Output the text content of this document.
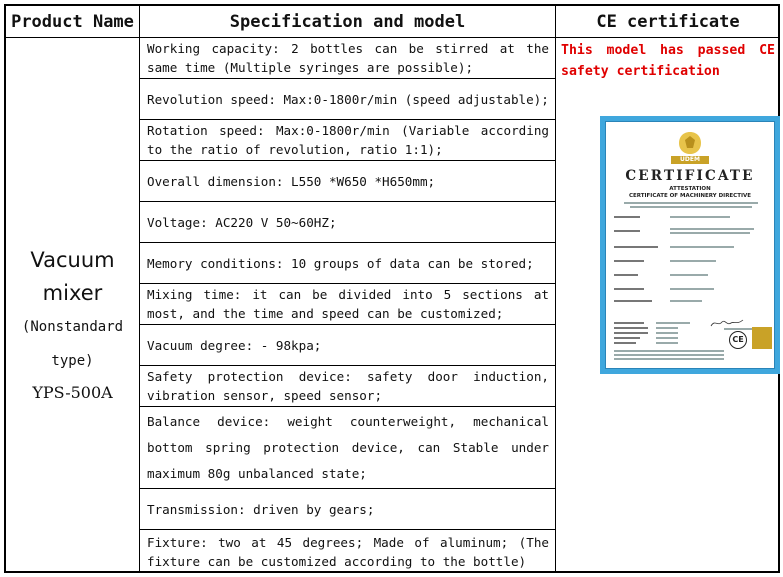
Product Name	Specification and model	CE certificate
Vacuum
mixer
(Nonstandard
type)
YPS-500A
Working capacity: 2 bottles can be stirred at the same time (Multiple syringes are possible);
Revolution speed: Max:0-1800r/min (speed adjustable);
Rotation speed: Max:0-1800r/min (Variable according to the ratio of revolution, ratio 1:1);
Overall dimension: L550 *W650 *H650mm;
Voltage: AC220 V 50~60HZ;
Memory conditions: 10 groups of data can be stored;
Mixing time: it can be divided into 5 sections at most, and the time and speed can be customized;
Vacuum degree: - 98kpa;
Safety protection device: safety door induction, vibration sensor, speed sensor;
Balance device: weight counterweight, mechanical bottom spring protection device, can Stable under maximum 80g unbalanced state;
Transmission: driven by gears;
Fixture: two at 45 degrees; Made of aluminum; (The fixture can be customized according to the bottle)
This model has passed CE safety certification
UDEM
CERTIFICATE
ATTESTATION
CERTIFICATE OF MACHINERY DIRECTIVE
CE
